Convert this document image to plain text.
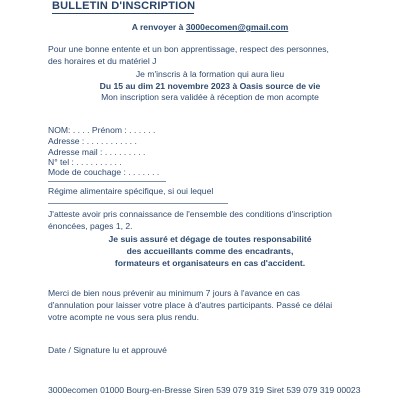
BULLETIN D'INSCRIPTION
A renvoyer à 3000ecomen@gmail.com
Pour une bonne entente et un bon apprentissage, respect des personnes,
des horaires et du matériel J
Je m'inscris à la formation qui aura lieu
Du 15 au dim 21 novembre 2023 à Oasis source de vie
Mon inscription sera validée à réception de mon acompte
NOM: . . . . Prénom : . . . . . .
Adresse : . . . . . . . . . . .
Adresse mail : . . . . . . . . .
N° tel : . . . . . . . . . .
Mode de couchage : . . . . . . .
Régime alimentaire spécifique, si oui lequel
J'atteste avoir pris connaissance de l'ensemble des conditions d'inscription
énoncées, pages 1, 2.
Je suis assuré et dégage de toutes responsabilité
des accueillants comme des encadrants,
formateurs et organisateurs en cas d'accident.
Merci de bien nous prévenir au minimum 7 jours à l'avance en cas
d'annulation pour laisser votre place à d'autres participants. Passé ce délai
votre acompte ne vous sera plus rendu.
Date / Signature lu et approuvé
3000ecomen 01000 Bourg-en-Bresse Siren 539 079 319 Siret 539 079 319 00023
